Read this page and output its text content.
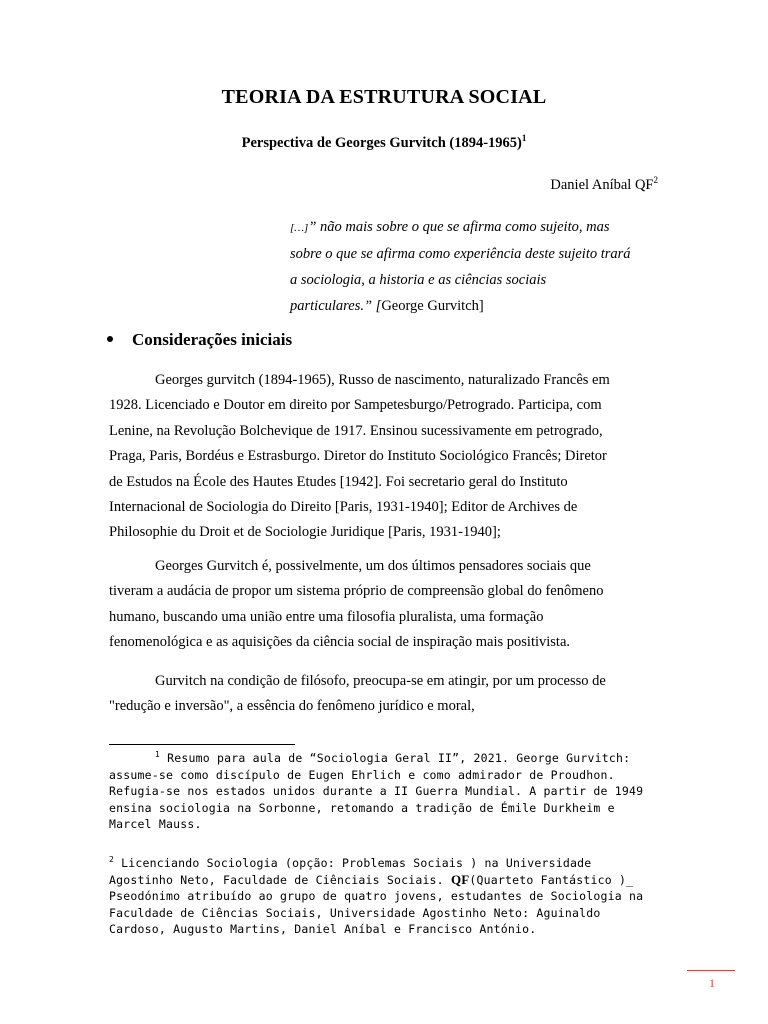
TEORIA DA ESTRUTURA SOCIAL
Perspectiva de Georges Gurvitch (1894-1965)$^1$
Daniel Aníbal $QF^2$
[…]” não mais sobre o que se afirma como sujeito, mas
sobre o que se afirma como experiência deste sujeito trará
a sociologia, a historia e as ciências sociais
particulares.” [George Gurvitch]
Considerações iniciais
Georges gurvitch (1894-1965), Russo de nascimento, naturalizado Francês em
1928. Licenciado e Doutor em direito por Sampetesburgo/Petrogrado. Participa, com
Lenine, na Revolução Bolchevique de 1917. Ensinou sucessivamente em petrogrado,
Praga, Paris, Bordéus e Estrasburgo. Diretor do Instituto Sociológico Francês; Diretor
de Estudos na École des Hautes Etudes [1942]. Foi secretario geral do Instituto
Internacional de Sociologia do Direito [Paris, 1931-1940]; Editor de Archives de
Philosophie du Droit et de Sociologie Juridique [Paris, 1931-1940];
Georges Gurvitch é, possivelmente, um dos últimos pensadores sociais que
tiveram a audácia de propor um sistema próprio de compreensão global do fenômeno
humano, buscando uma união entre uma filosofia pluralista, uma formação
fenomenológica e as aquisições da ciência social de inspiração mais positivista.
Gurvitch na condição de filósofo, preocupa-se em atingir, por um processo de
"redução e inversão", a essência do fenômeno jurídico e moral,
$^1$ Resumo para aula de “Sociologia Geral II”, 2021. George Gurvitch:
assume-se como discípulo de Eugen Ehrlich e como admirador de Proudhon.
Refugia-se nos estados unidos durante a II Guerra Mundial. A partir de 1949
ensina sociologia na Sorbonne, retomando a tradição de Émile Durkheim e
Marcel Mauss.
$^2$ Licenciando Sociologia (opção: Problemas Sociais ) na Universidade
Agostinho Neto, Faculdade de Ciênciais Sociais. QF(Quarteto Fantástico )_
Pseodónimo atribuído ao grupo de quatro jovens, estudantes de Sociologia na
Faculdade de Ciências Sociais, Universidade Agostinho Neto: Aguinaldo
Cardoso, Augusto Martins, Daniel Aníbal e Francisco António.
1
